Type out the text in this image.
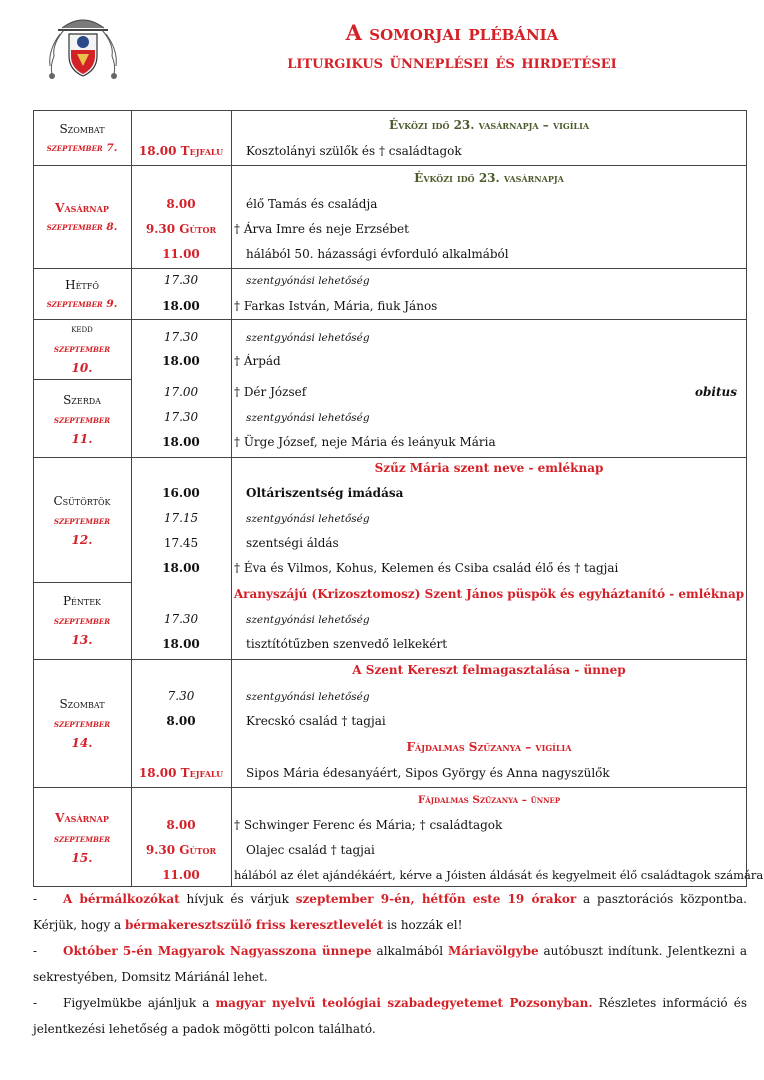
A somorjai plébánia
liturgikus ünneplései és hirdetései
Szombat
szeptember 7.
Évközi idő 23. vasárnapja – vigília
18.00 Tejfalu	Kosztolányi szülők és † családtagok
Évközi idő 23. vasárnapja
Vasárnap
szeptember 8.
8.00	élő Tamás és családja
9.30 Gútor	† Árva Imre és neje Erzsébet
11.00	hálából 50. házassági évforduló alkalmából
Hétfő
szeptember 9.
17.30	szentgyónási lehetőség
18.00	† Farkas István, Mária, fiuk János
kedd
szeptember
10.
17.30	szentgyónási lehetőség
18.00	† Árpád
Szerda
szeptember
11.
17.00	† Dér József	obitus
17.30	szentgyónási lehetőség
18.00	† Ürge József, neje Mária és leányuk Mária
Szűz Mária szent neve - emléknap
Csütörtök
szeptember
12.
16.00	Oltáriszentség imádása
17.15	szentgyónási lehetőség
17.45	szentségi áldás
18.00	† Éva és Vilmos, Kohus, Kelemen és Csiba család élő és † tagjai
Aranyszájú (Krizosztomosz) Szent János püspök és egyháztanító - emléknap
Péntek
szeptember
13.
17.30	szentgyónási lehetőség
18.00	tisztítótűzben szenvedő lelkekért
A Szent Kereszt felmagasztalása - ünnep
Szombat
szeptember
14.
7.30	szentgyónási lehetőség
8.00	Krecskó család † tagjai
Fájdalmas Szűzanya – vigília
18.00 Tejfalu	Sipos Mária édesanyáért, Sipos György és Anna nagyszülők
Fájdalmas Szűzanya – ünnep
Vasárnap
szeptember
15.
8.00	† Schwinger Ferenc és Mária; † családtagok
9.30 Gútor	Olajec család † tagjai
11.00	hálából az élet ajándékáért, kérve a Jóisten áldását és kegyelmeit élő családtagok számára

- A bérmálkozókat hívjuk és várjuk szeptember 9-én, hétfőn este 19 órakor a pasztorációs központba. Kérjük, hogy a bérmakeresztszülő friss keresztlevelét is hozzák el!

- Október 5-én Magyarok Nagyasszona ünnepe alkalmából Máriavölgybe autóbuszt indítunk. Jelentkezni a sekrestyében, Domsitz Máriánál lehet.

- Figyelmükbe ajánljuk a magyar nyelvű teológiai szabadegyetemet Pozsonyban. Részletes információ és jelentkezési lehetőség a padok mögötti polcon található.
